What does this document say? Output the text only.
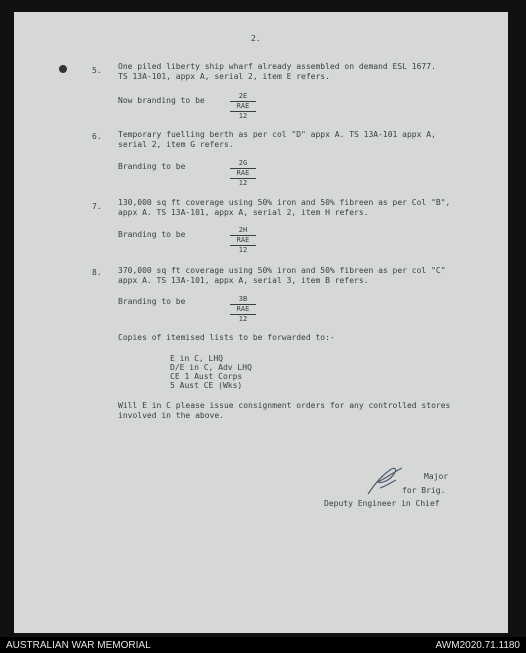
2.
5. One piled liberty ship wharf already assembled on demand ESL 1677.
TS 13A-101, appx A, serial 2, item E refers.
Now branding to be	2E
RAE
12
6. Temporary fuelling berth as per col "D" appx A. TS 13A-101 appx A,
serial 2, item G refers.
Branding to be	2G
RAE
12
7. 130,000 sq ft coverage using 50% iron and 50% fibreen as per Col "B",
appx A. TS 13A-101, appx A, serial 2, item H refers.
Branding to be	2H
RAE
12
8. 370,000 sq ft coverage using 50% iron and 50% fibreen as per col "C"
appx A. TS 13A-101, appx A, serial 3, item B refers.
Branding to be	3B
RAE
12
Copies of itemised lists to be forwarded to:-
E in C, LHQ
D/E in C, Adv LHQ
CE 1 Aust Corps
5 Aust CE (Wks)
Will E in C please issue consignment orders for any controlled stores
involved in the above.
Major
for Brig.
Deputy Engineer in Chief
AUSTRALIAN WAR MEMORIAL	AWM2020.71.1180
